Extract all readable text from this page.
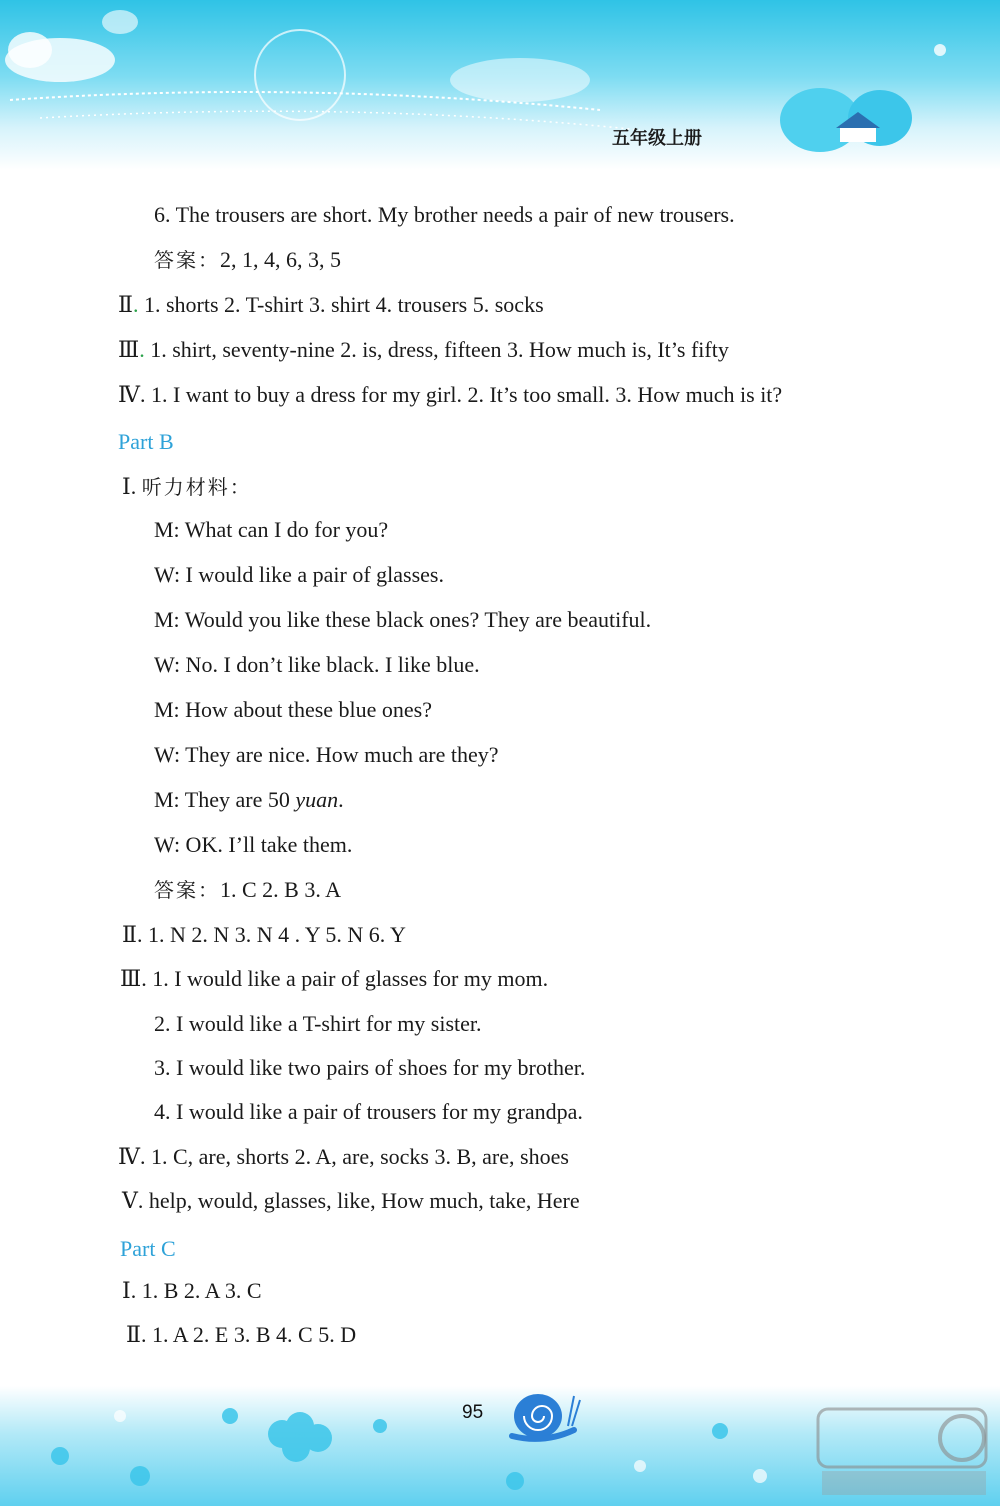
五年级上册
6. The trousers are short. My brother needs a pair of new trousers.
答案：2, 1, 4, 6, 3, 5
Ⅱ. 1. shorts 2. T-shirt 3. shirt 4. trousers 5. socks
Ⅲ. 1. shirt, seventy-nine 2. is, dress, fifteen 3. How much is, It’s fifty
Ⅳ. 1. I want to buy a dress for my girl. 2. It’s too small. 3. How much is it?
Part B
Ⅰ. 听力材料：
M: What can I do for you?
W: I would like a pair of glasses.
M: Would you like these black ones? They are beautiful.
W: No. I don’t like black. I like blue.
M: How about these blue ones?
W: They are nice. How much are they?
M: They are 50 yuan.
W: OK. I’ll take them.
答案：1. C 2. B 3. A
Ⅱ. 1. N 2. N 3. N 4 . Y 5. N 6. Y
Ⅲ. 1. I would like a pair of glasses for my mom.
2. I would like a T-shirt for my sister.
3. I would like two pairs of shoes for my brother.
4. I would like a pair of trousers for my grandpa.
Ⅳ. 1. C, are, shorts 2. A, are, socks 3. B, are, shoes
Ⅴ. help, would, glasses, like, How much, take, Here
Part C
Ⅰ. 1. B 2. A 3. C
Ⅱ. 1. A 2. E 3. B 4. C 5. D
95
